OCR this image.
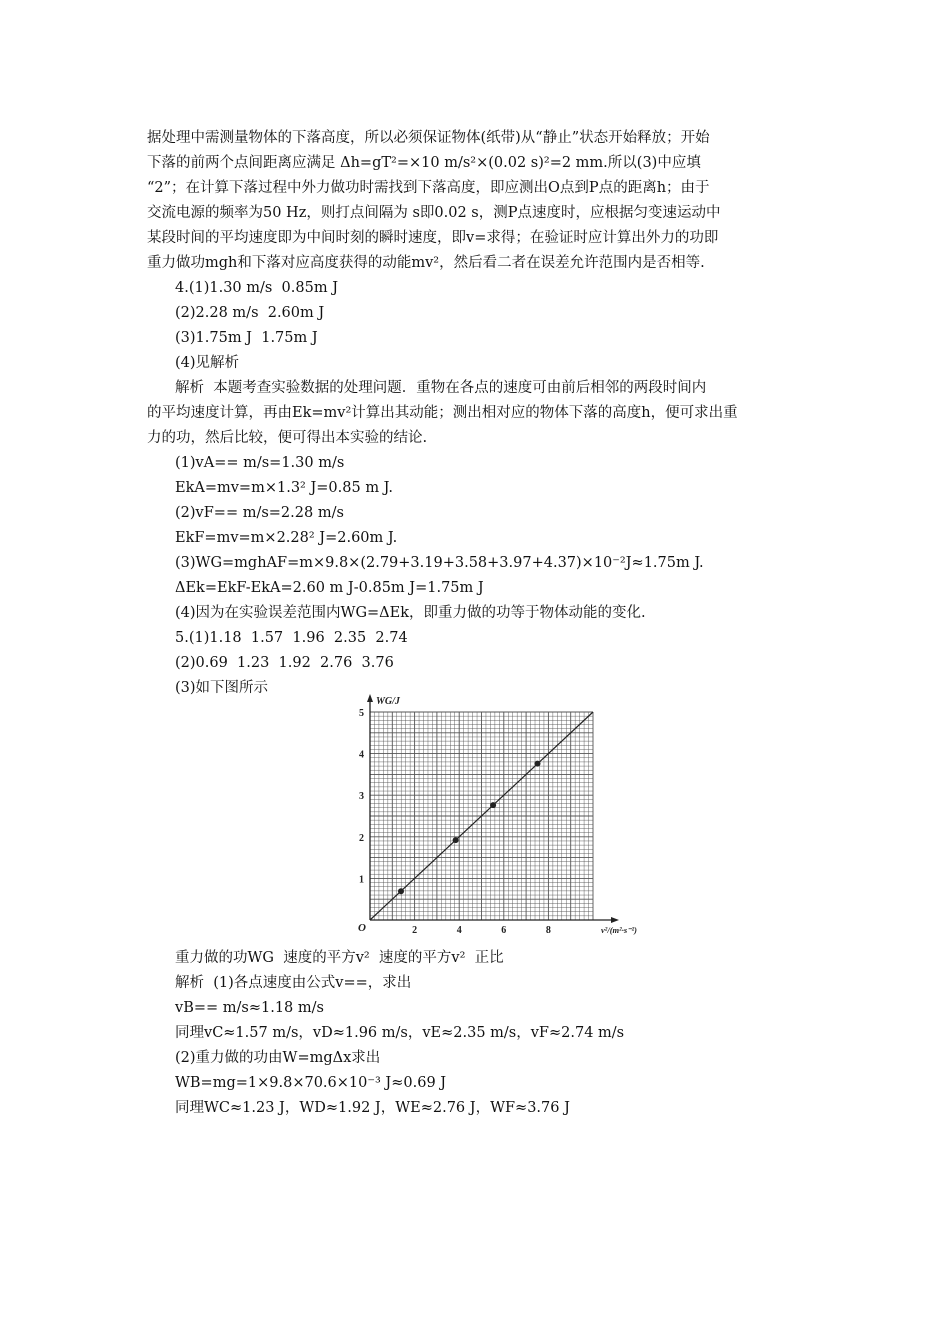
据处理中需测量物体的下落高度，所以必须保证物体(纸带)从“静止”状态开始释放；开始
下落的前两个点间距离应满足 Δh=gT²=×10 m/s²×(0.02 s)²=2 mm.所以(3)中应填
“2”；在计算下落过程中外力做功时需找到下落高度，即应测出O点到P点的距离h；由于
交流电源的频率为50 Hz，则打点间隔为 s即0.02 s，测P点速度时，应根据匀变速运动中
某段时间的平均速度即为中间时刻的瞬时速度，即v=求得；在验证时应计算出外力的功即
重力做功mgh和下落对应高度获得的动能mv²，然后看二者在误差允许范围内是否相等.
4.(1)1.30 m/s  0.85m J
(2)2.28 m/s  2.60m J
(3)1.75m J  1.75m J
(4)见解析
解析  本题考查实验数据的处理问题．重物在各点的速度可由前后相邻的两段时间内
的平均速度计算，再由Ek=mv²计算出其动能；测出相对应的物体下落的高度h，便可求出重
力的功，然后比较，便可得出本实验的结论.
(1)vA== m/s=1.30 m/s
EkA=mv=m×1.3² J=0.85 m J.
(2)vF== m/s=2.28 m/s
EkF=mv=m×2.28² J=2.60m J.
(3)WG=mghAF=m×9.8×(2.79+3.19+3.58+3.97+4.37)×10⁻²J≈1.75m J.
ΔEk=EkF-EkA=2.60 m J-0.85m J=1.75m J
(4)因为在实验误差范围内WG=ΔEk，即重力做的功等于物体动能的变化.
5.(1)1.18  1.57  1.96  2.35  2.74
(2)0.69  1.23  1.92  2.76  3.76
(3)如下图所示
2	4	6	8
1
2
3
4
5
O
WG/J
v²/(m²·s⁻²)
重力做的功WG  速度的平方v²  速度的平方v²  正比
解析  (1)各点速度由公式v==，求出
vB== m/s≈1.18 m/s
同理vC≈1.57 m/s，vD≈1.96 m/s，vE≈2.35 m/s，vF≈2.74 m/s
(2)重力做的功由W=mgΔx求出
WB=mg=1×9.8×70.6×10⁻³ J≈0.69 J
同理WC≈1.23 J，WD≈1.92 J，WE≈2.76 J，WF≈3.76 J
